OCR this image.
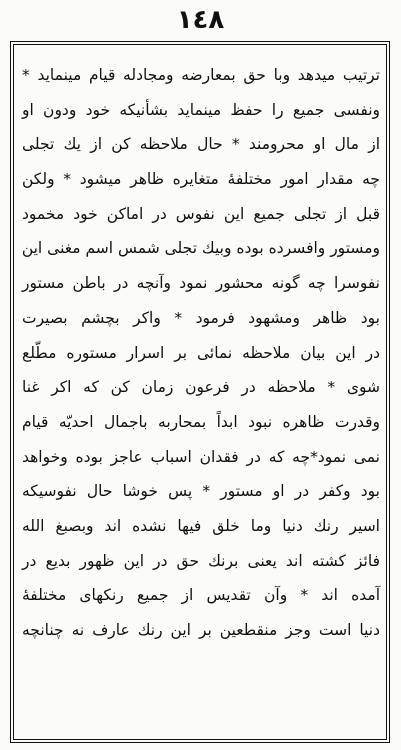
١٤٨
ترتیب میدهد وبا حق بمعارضه ومجادله قیام مینماید *
ونفسی جمیع را حفظ مینماید بشأنیکه خود ودون او
از مال او محرومند * حال ملاحظه کن از یك تجلی
چه مقدار امور مختلفهٔ متغایره ظاهر میشود * ولکن
قبل از تجلی جمیع این نفوس در اماکن خود مخمود
ومستور وافسرده بوده وبیك تجلی شمس اسم مغنی این
نفوسرا چه گونه محشور نمود وآنچه در باطن مستور
بود ظاهر ومشهود فرمود * واکر بچشم بصیرت
در این بیان ملاحظه نمائی بر اسرار مستوره مطّلع
شوی * ملاحظه در فرعون زمان کن که اکر غنا
وقدرت ظاهره نبود ابداً بمحاربه باجمال احدیّه قیام
نمی نمود*چه که در فقدان اسباب عاجز بوده وخواهد
بود وکفر در او مستور * پس خوشا حال نفوسیکه
اسیر رنك دنیا وما خلق فیها نشده اند وبصبغ الله
فائز کشته اند یعنی برنك حق در این ظهور بدیع در
آمده اند * وآن تقدیس از جمیع رنکهای مختلفهٔ
دنیا است وجز منقطعین بر این رنك عارف نه چنانچه
